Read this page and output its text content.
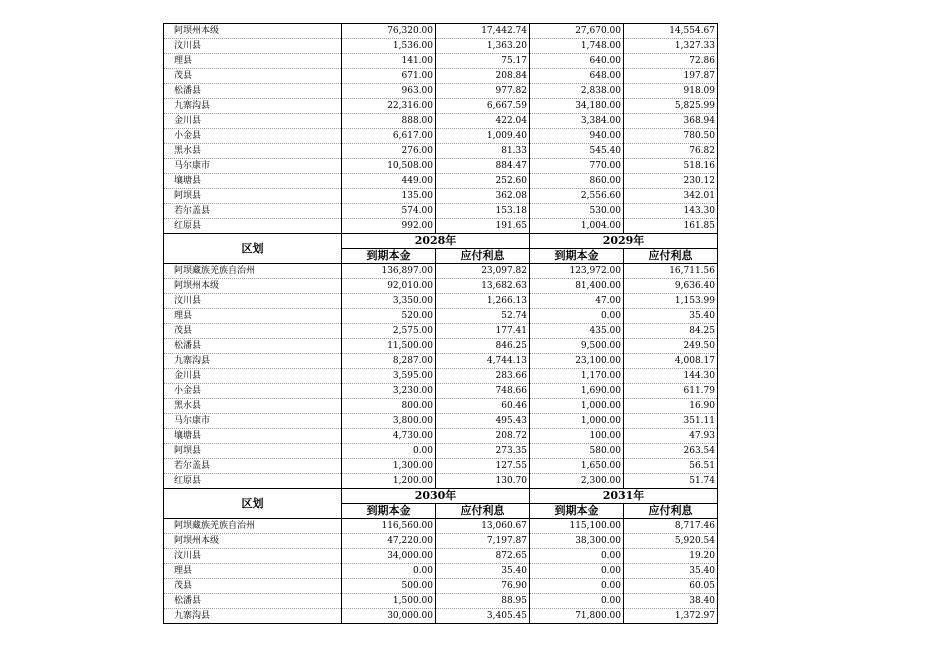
阿坝州本级	76,320.00	17,442.74	27,670.00	14,554.67
汶川县	1,536.00	1,363.20	1,748.00	1,327.33
理县	141.00	75.17	640.00	72.86
茂县	671.00	208.84	648.00	197.87
松潘县	963.00	977.82	2,838.00	918.09
九寨沟县	22,316.00	6,667.59	34,180.00	5,825.99
金川县	888.00	422.04	3,384.00	368.94
小金县	6,617.00	1,009.40	940.00	780.50
黑水县	276.00	81.33	545.40	76.82
马尔康市	10,508.00	884.47	770.00	518.16
壤塘县	449.00	252.60	860.00	230.12
阿坝县	135.00	362.08	2,556.60	342.01
若尔盖县	574.00	153.18	530.00	143.30
红原县	992.00	191.65	1,004.00	161.85
区划	2028年		2029年	
	到期本金	应付利息	到期本金	应付利息
阿坝藏族羌族自治州	136,897.00	23,097.82	123,972.00	16,711.56
阿坝州本级	92,010.00	13,682.63	81,400.00	9,636.40
汶川县	3,350.00	1,266.13	47.00	1,153.99
理县	520.00	52.74	0.00	35.40
茂县	2,575.00	177.41	435.00	84.25
松潘县	11,500.00	846.25	9,500.00	249.50
九寨沟县	8,287.00	4,744.13	23,100.00	4,008.17
金川县	3,595.00	283.66	1,170.00	144.30
小金县	3,230.00	748.66	1,690.00	611.79
黑水县	800.00	60.46	1,000.00	16.90
马尔康市	3,800.00	495.43	1,000.00	351.11
壤塘县	4,730.00	208.72	100.00	47.93
阿坝县	0.00	273.35	580.00	263.54
若尔盖县	1,300.00	127.55	1,650.00	56.51
红原县	1,200.00	130.70	2,300.00	51.74
区划	2030年		2031年	
	到期本金	应付利息	到期本金	应付利息
阿坝藏族羌族自治州	116,560.00	13,060.67	115,100.00	8,717.46
阿坝州本级	47,220.00	7,197.87	38,300.00	5,920.54
汶川县	34,000.00	872.65	0.00	19.20
理县	0.00	35.40	0.00	35.40
茂县	500.00	76.90	0.00	60.05
松潘县	1,500.00	88.95	0.00	38.40
九寨沟县	30,000.00	3,405.45	71,800.00	1,372.97
